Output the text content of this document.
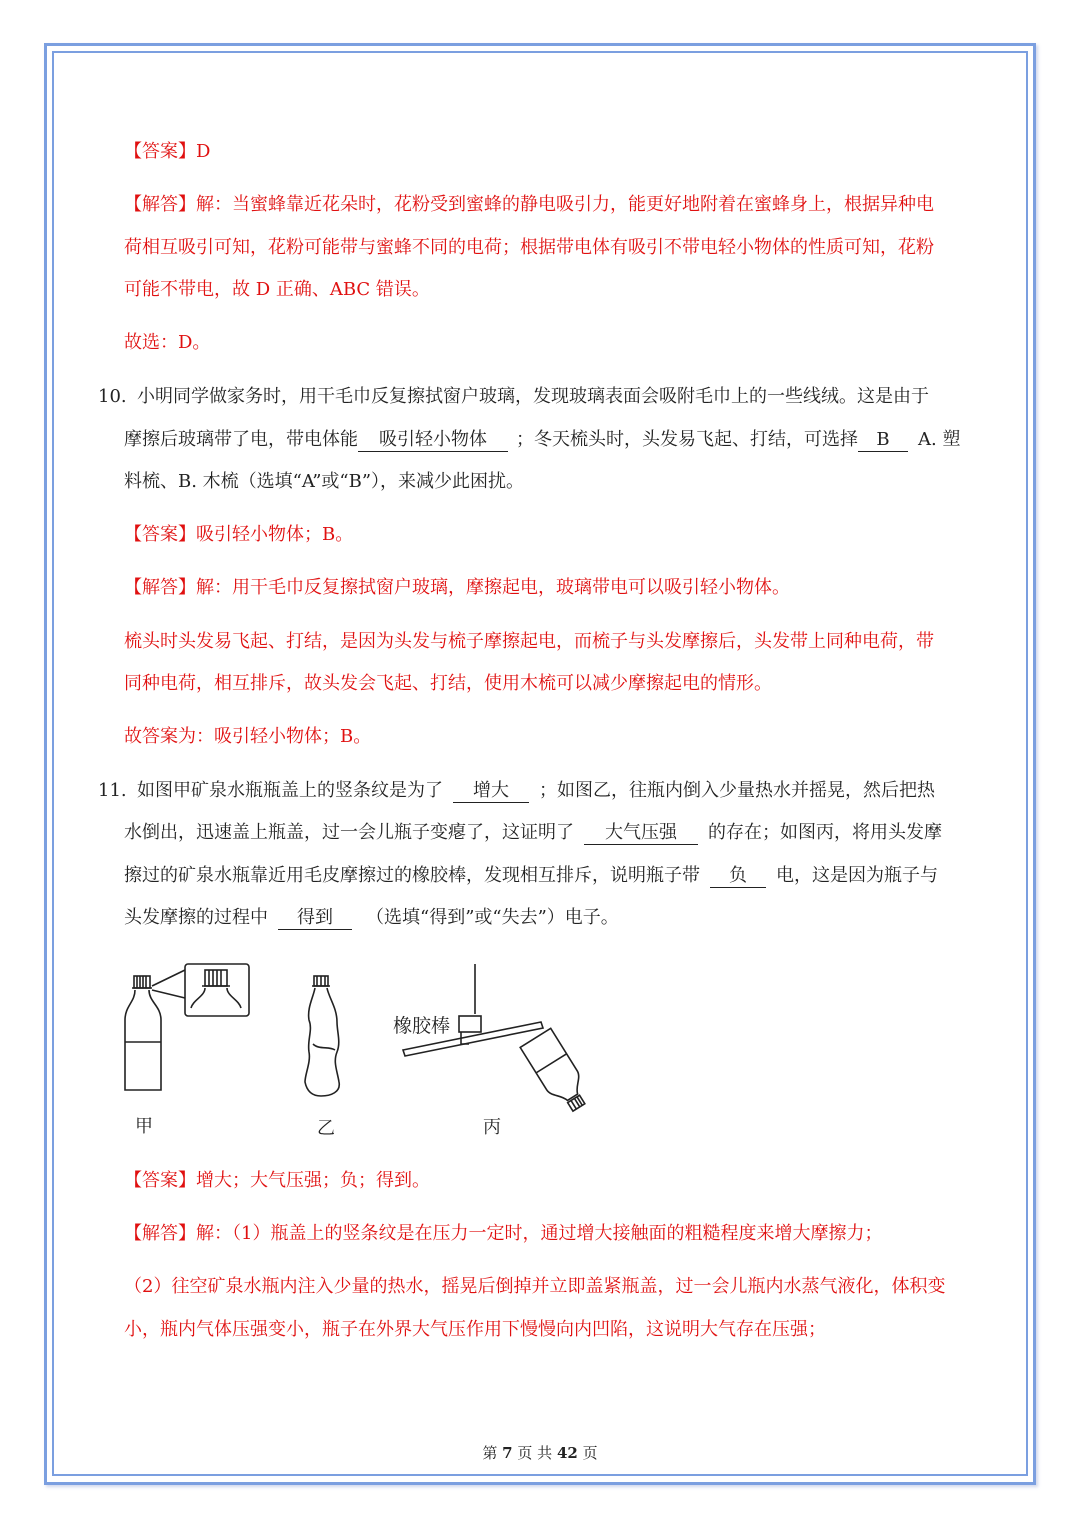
【答案】D
【解答】解：当蜜蜂靠近花朵时，花粉受到蜜蜂的静电吸引力，能更好地附着在蜜蜂身上，根据异种电
荷相互吸引可知，花粉可能带与蜜蜂不同的电荷；根据带电体有吸引不带电轻小物体的性质可知，花粉
可能不带电，故 D 正确、ABC 错误。
故选：D。
10. 小明同学做家务时，用干毛巾反复擦拭窗户玻璃，发现玻璃表面会吸附毛巾上的一些线绒。这是由于
摩擦后玻璃带了电，带电体能 吸引轻小物体 ；冬天梳头时，头发易飞起、打结，可选择 B A. 塑
料梳、B. 木梳（选填“A”或“B”），来减少此困扰。
【答案】吸引轻小物体；B。
【解答】解：用干毛巾反复擦拭窗户玻璃，摩擦起电，玻璃带电可以吸引轻小物体。
梳头时头发易飞起、打结，是因为头发与梳子摩擦起电，而梳子与头发摩擦后，头发带上同种电荷，带
同种电荷，相互排斥，故头发会飞起、打结，使用木梳可以减少摩擦起电的情形。
故答案为：吸引轻小物体；B。
11. 如图甲矿泉水瓶瓶盖上的竖条纹是为了 增大 ；如图乙，往瓶内倒入少量热水并摇晃，然后把热
水倒出，迅速盖上瓶盖，过一会儿瓶子变瘪了，这证明了 大气压强 的存在；如图丙，将用头发摩
擦过的矿泉水瓶靠近用毛皮摩擦过的橡胶棒，发现相互排斥，说明瓶子带 负 电，这是因为瓶子与
头发摩擦的过程中 得到 （选填“得到”或“失去”）电子。
橡胶棒
甲	乙	丙
【答案】增大；大气压强；负；得到。
【解答】解：（1）瓶盖上的竖条纹是在压力一定时，通过增大接触面的粗糙程度来增大摩擦力；
（2）往空矿泉水瓶内注入少量的热水，摇晃后倒掉并立即盖紧瓶盖，过一会儿瓶内水蒸气液化，体积变
小，瓶内气体压强变小，瓶子在外界大气压作用下慢慢向内凹陷，这说明大气存在压强；
第 7 页 共 42 页
